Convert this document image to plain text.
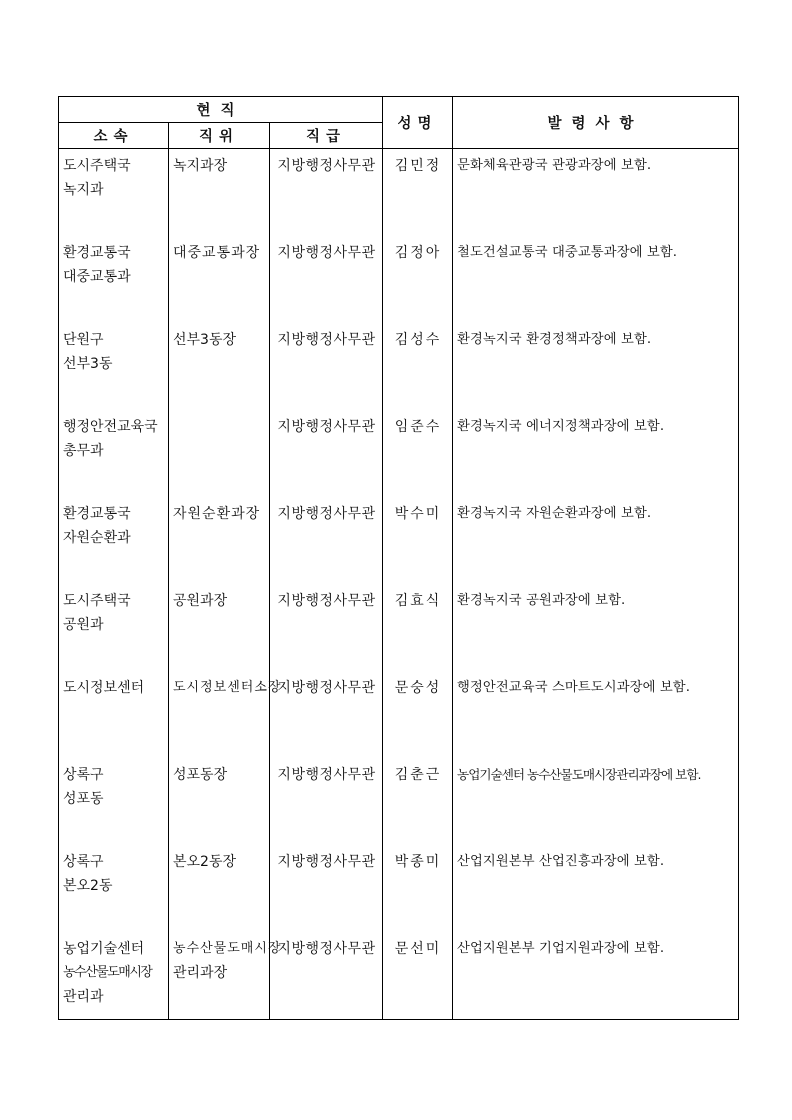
현직			성명	발령사항
소속	직위	직급		

도시주택국
녹지과	녹지과장	지방행정사무관	김민정	문화체육관광국 관광과장에 보함.

환경교통국
대중교통과	대중교통과장	지방행정사무관	김정아	철도건설교통국 대중교통과장에 보함.

단원구
선부3동	선부3동장	지방행정사무관	김성수	환경녹지국 환경정책과장에 보함.

행정안전교육국
총무과		지방행정사무관	임준수	환경녹지국 에너지정책과장에 보함.

환경교통국
자원순환과	자원순환과장	지방행정사무관	박수미	환경녹지국 자원순환과장에 보함.

도시주택국
공원과	공원과장	지방행정사무관	김효식	환경녹지국 공원과장에 보함.

도시정보센터	도시정보센터소장	지방행정사무관	문숭성	행정안전교육국 스마트도시과장에 보함.

상록구
성포동	성포동장	지방행정사무관	김춘근	농업기술센터 농수산물도매시장관리과장에 보함.

상록구
본오2동	본오2동장	지방행정사무관	박종미	산업지원본부 산업진흥과장에 보함.

농업기술센터
농수산물도매시장
관리과	농수산물도매시장
관리과장	지방행정사무관	문선미	산업지원본부 기업지원과장에 보함.
